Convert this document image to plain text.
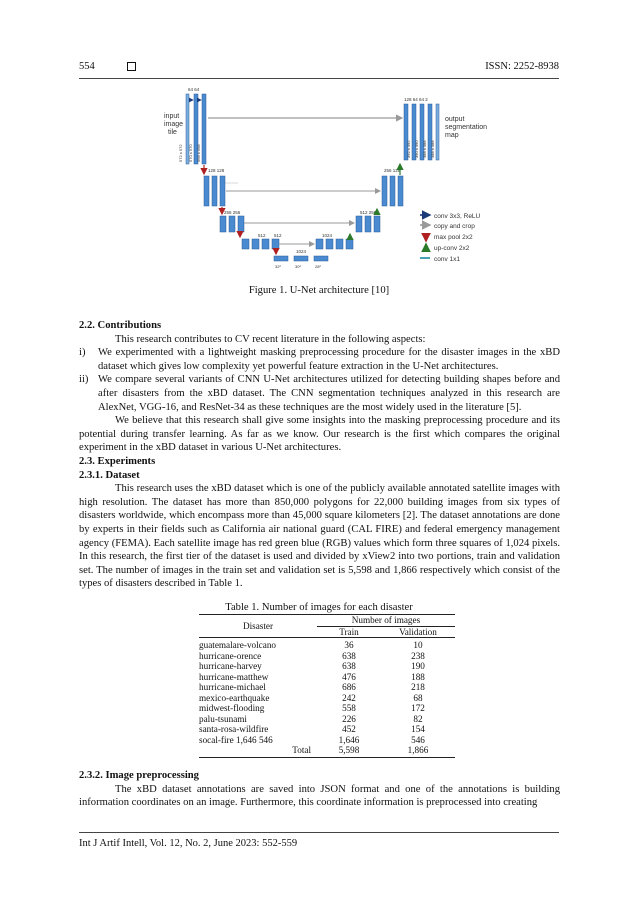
554	ISSN: 2252-8938
input
image
tile
64 64
572 x 572 570 x 570 568 x 568
128 128
256 256
512 512
1024
32²	30²	28²
1024
512 256
256 128
128 64 64 2
392 x 392 390 x 390 388 x 388 388 x 388
output
segmentation
map
conv 3x3, ReLU
copy and crop
max pool 2x2
up-conv 2x2
conv 1x1
Figure 1. U-Net architecture [10]
2.2. Contributions
This research contributes to CV recent literature in the following aspects:
i)	We experimented with a lightweight masking preprocessing procedure for the disaster images in the xBD dataset which gives low complexity yet powerful feature extraction in the U-Net architectures.
ii) We compare several variants of CNN U-Net architectures utilized for detecting building shapes before and after disasters from the xBD dataset. The CNN segmentation techniques analyzed in this research are AlexNet, VGG-16, and ResNet-34 as these techniques are the most widely used in the literature [5].
We believe that this research shall give some insights into the masking preprocessing procedure and its potential during transfer learning. As far as we know. Our research is the first which compares the original experiment in the xBD dataset in various U-Net architectures.
2.3. Experiments
2.3.1. Dataset
This research uses the xBD dataset which is one of the publicly available annotated satellite images with high resolution. The dataset has more than 850,000 polygons for 22,000 building images from six types of disasters worldwide, which encompass more than 45,000 square kilometers [2]. The dataset annotations are done by experts in their fields such as California air national guard (CAL FIRE) and federal emergency management agency (FEMA). Each satellite image has red green blue (RGB) values which form three squares of 1,024 pixels. In this research, the first tier of the dataset is used and divided by xView2 into two portions, train and validation set. The number of images in the train set and validation set is 5,598 and 1,866 respectively which consist of the types of disasters described in Table 1.
Table 1. Number of images for each disaster
Disaster	Number of images	
	Train	Validation

guatemalare-volcano	36	10
hurricane-orence	638	238
hurricane-harvey	638	190
hurricane-matthew	476	188
hurricane-michael	686	218
mexico-earthquake	242	68
midwest-flooding	558	172
palu-tsunami	226	82
santa-rosa-wildfire	452	154
socal-fire 1,646 546	1,646	546
Total	5,598	1,866
2.3.2. Image preprocessing
The xBD dataset annotations are saved into JSON format and one of the annotations is building information coordinates on an image. Furthermore, this coordinate information is preprocessed into creating
Int J Artif Intell, Vol. 12, No. 2, June 2023: 552-559
